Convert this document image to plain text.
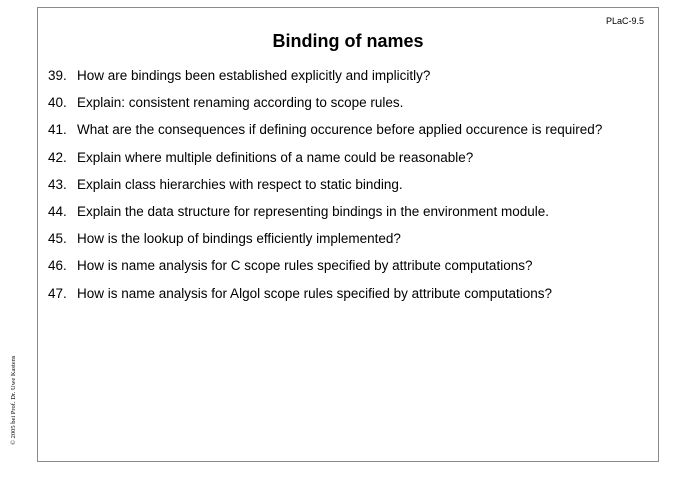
PLaC-9.5
Binding of names
39. How are bindings been established explicitly and implicitly?
40. Explain: consistent renaming according to scope rules.
41. What are the consequences if defining occurence before applied occurence is required?
42. Explain where multiple definitions of a name could be reasonable?
43. Explain class hierarchies with respect to static binding.
44. Explain the data structure for representing bindings in the environment module.
45. How is the lookup of bindings efficiently implemented?
46. How is name analysis for C scope rules specified by attribute computations?
47. How is name analysis for Algol scope rules specified by attribute computations?
© 2005 bei Prof. Dr. Uwe Kastens
